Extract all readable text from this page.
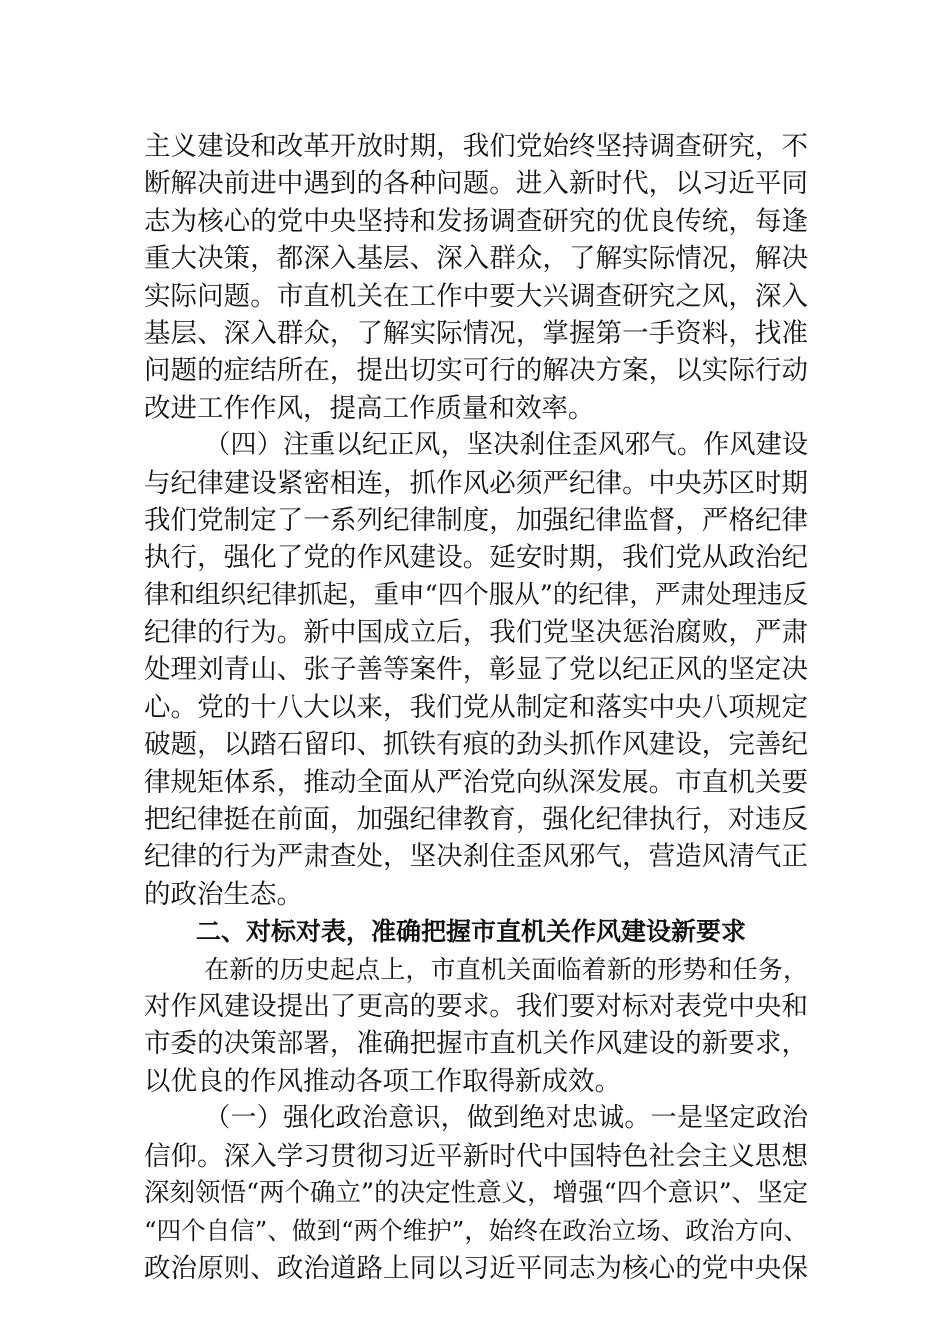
主义建设和改革开放时期，我们党始终坚持调查研究，不
断解决前进中遇到的各种问题。进入新时代，以习近平同
志为核心的党中央坚持和发扬调查研究的优良传统，每逢
重大决策，都深入基层、深入群众，了解实际情况，解决
实际问题。市直机关在工作中要大兴调查研究之风，深入
基层、深入群众，了解实际情况，掌握第一手资料，找准
问题的症结所在，提出切实可行的解决方案，以实际行动
改进工作作风，提高工作质量和效率。
（四）注重以纪正风，坚决刹住歪风邪气。作风建设
与纪律建设紧密相连，抓作风必须严纪律。中央苏区时期
我们党制定了一系列纪律制度，加强纪律监督，严格纪律
执行，强化了党的作风建设。延安时期，我们党从政治纪
律和组织纪律抓起，重申“四个服从”的纪律，严肃处理违反
纪律的行为。新中国成立后，我们党坚决惩治腐败，严肃
处理刘青山、张子善等案件，彰显了党以纪正风的坚定决
心。党的十八大以来，我们党从制定和落实中央八项规定
破题，以踏石留印、抓铁有痕的劲头抓作风建设，完善纪
律规矩体系，推动全面从严治党向纵深发展。市直机关要
把纪律挺在前面，加强纪律教育，强化纪律执行，对违反
纪律的行为严肃查处，坚决刹住歪风邪气，营造风清气正
的政治生态。
二、对标对表，准确把握市直机关作风建设新要求
在新的历史起点上，市直机关面临着新的形势和任务，
对作风建设提出了更高的要求。我们要对标对表党中央和
市委的决策部署，准确把握市直机关作风建设的新要求，
以优良的作风推动各项工作取得新成效。
（一）强化政治意识，做到绝对忠诚。一是坚定政治
信仰。深入学习贯彻习近平新时代中国特色社会主义思想
深刻领悟“两个确立”的决定性意义，增强“四个意识”、坚定
“四个自信”、做到“两个维护”，始终在政治立场、政治方向、
政治原则、政治道路上同以习近平同志为核心的党中央保
